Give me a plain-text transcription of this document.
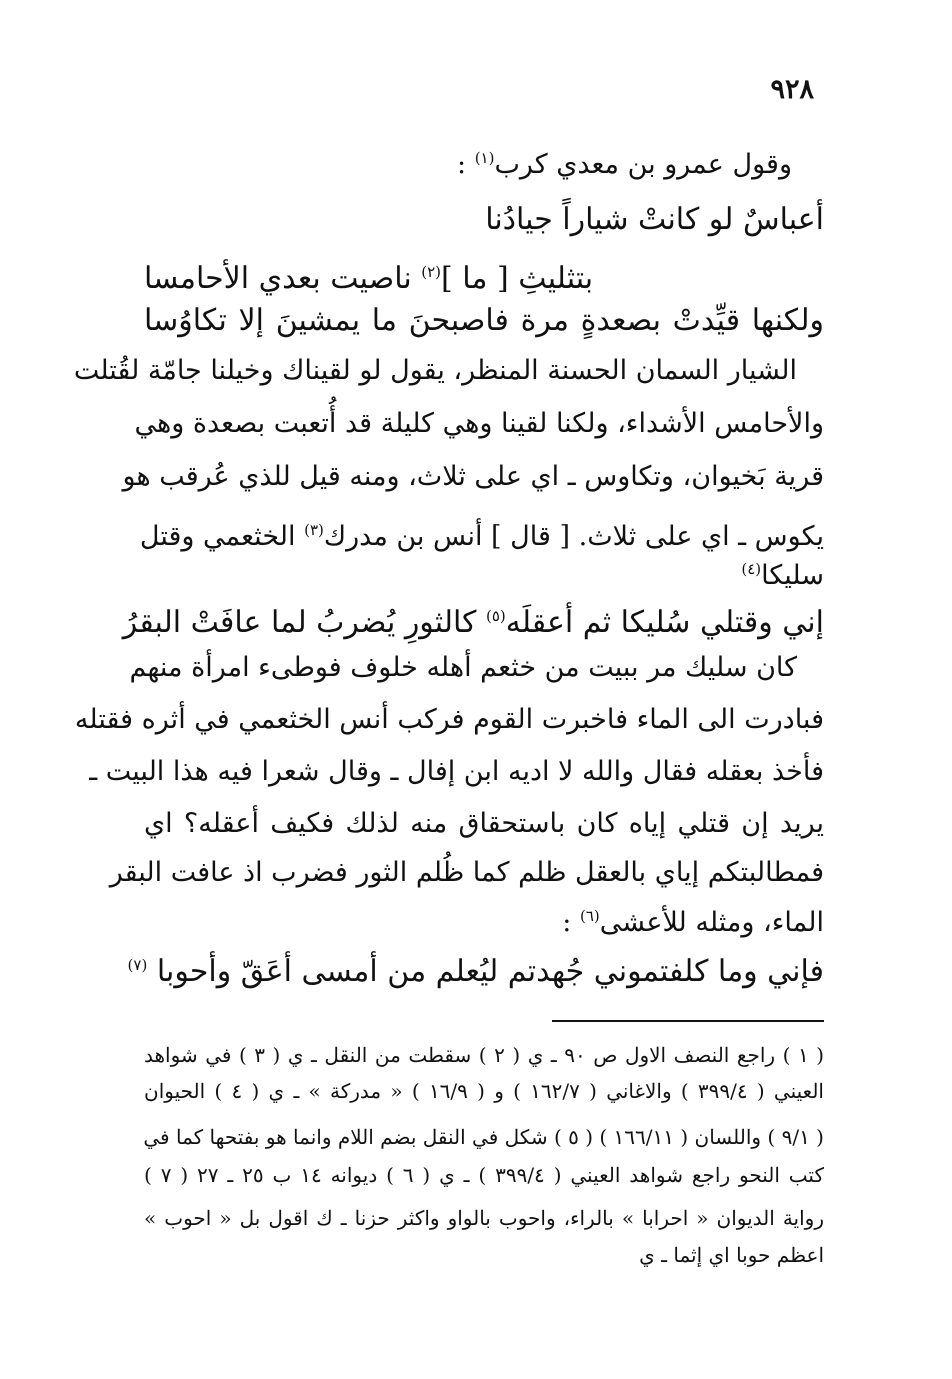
٩٢٨
وقول عمرو بن معدي كرب$^{(١)}$ :
أعباسٌ لو كانتْ شياراً جيادُنا
بتثليثِ [ ما ]$^{(٢)}$ ناصيت بعدي الأحامسا
ولكنها قيِّدتْ بصعدةٍ مرة فاصبحنَ ما يمشينَ إلا تكاوُسا
الشيار السمان الحسنة المنظر، يقول لو لقيناك وخيلنا جامّة لقُتلت
والأحامس الأشداء، ولكنا لقينا وهي كليلة قد أُتعبت بصعدة وهي
قرية بَخيوان، وتكاوس ـ اي على ثلاث، ومنه قيل للذي عُرقب هو
يكوس ـ اي على ثلاث. [ قال ] أنس بن مدرك$^{(٣)}$ الخثعمي وقتل
سليكا$^{(٤)}$
إني وقتلي سُليكا ثم أعقلَه$^{(٥)}$ كالثورِ يُضربُ لما عافَتْ البقرُ
كان سليك مر ببيت من خثعم أهله خلوف فوطىء امرأة منهم
فبادرت الى الماء فاخبرت القوم فركب أنس الخثعمي في أثره فقتله
فأخذ بعقله فقال والله لا اديه ابن إفال ـ وقال شعرا فيه هذا البيت ـ
يريد إن قتلي إياه كان باستحقاق منه لذلك فكيف أعقله؟ اي
فمطالبتكم إياي بالعقل ظلم كما ظُلم الثور فضرب اذ عافت البقر
الماء، ومثله للأعشى$^{(٦)}$ :
فإني وما كلفتموني جُهدتم ليُعلم من أمسى أعَقّ وأحوبا $^{(٧)}$
( ١ ) راجع النصف الاول ص ٩٠ ـ ي ( ٢ ) سقطت من النقل ـ ي ( ٣ ) في شواهد
العيني ( ٣٩٩/٤ ) والاغاني ( ١٦٢/٧ ) و ( ١٦/٩ ) « مدركة » ـ ي ( ٤ ) الحيوان
( ٩/١ ) واللسان ( ١٦٦/١١ ) ( ٥ ) شكل في النقل بضم اللام وانما هو بفتحها كما في
كتب النحو راجع شواهد العيني ( ٣٩٩/٤ ) ـ ي ( ٦ ) ديوانه ١٤ ب ٢٥ ـ ٢٧ ( ٧ )
رواية الديوان « احرابا » بالراء، واحوب بالواو واكثر حزنا ـ ك اقول بل « احوب »
اعظم حوبا اي إثما ـ ي
